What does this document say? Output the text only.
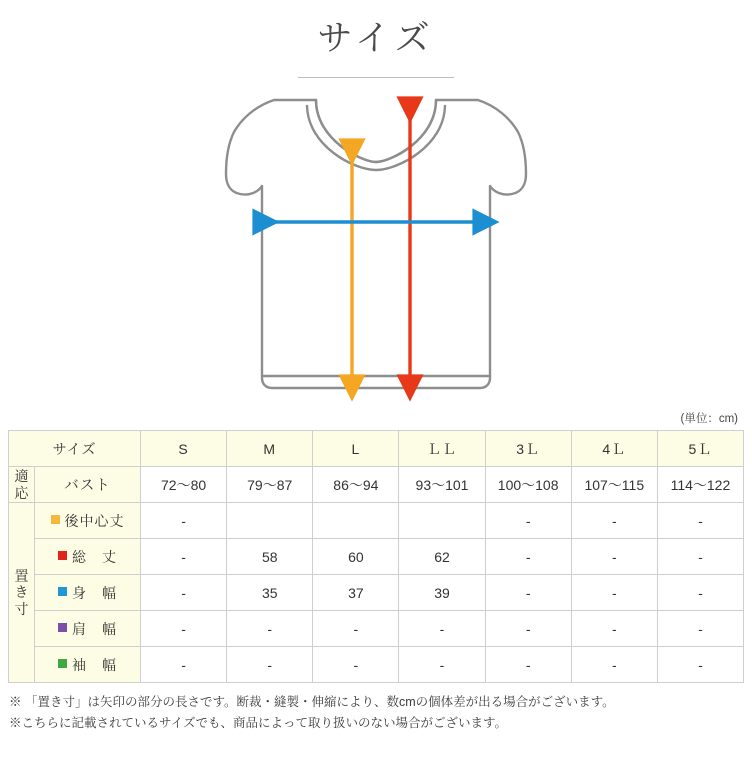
サイズ
(単位：cm)
サイズ		S	M	L	ＬＬ	3Ｌ	4Ｌ	5Ｌ
適応	バスト	72～80	79～87	86～94	93～101	100～108	107～115	114～122
置き寸	後中心丈	-				-	-	-
	総　丈	-	58	60	62	-	-	-
	身　幅	-	35	37	39	-	-	-
	肩　幅	-	-	-	-	-	-	-
	袖　幅	-	-	-	-	-	-	-
※ 「置き寸」は矢印の部分の長さです。断裁・縫製・伸縮により、数cmの個体差が出る場合がございます。
※こちらに記載されているサイズでも、商品によって取り扱いのない場合がございます。
